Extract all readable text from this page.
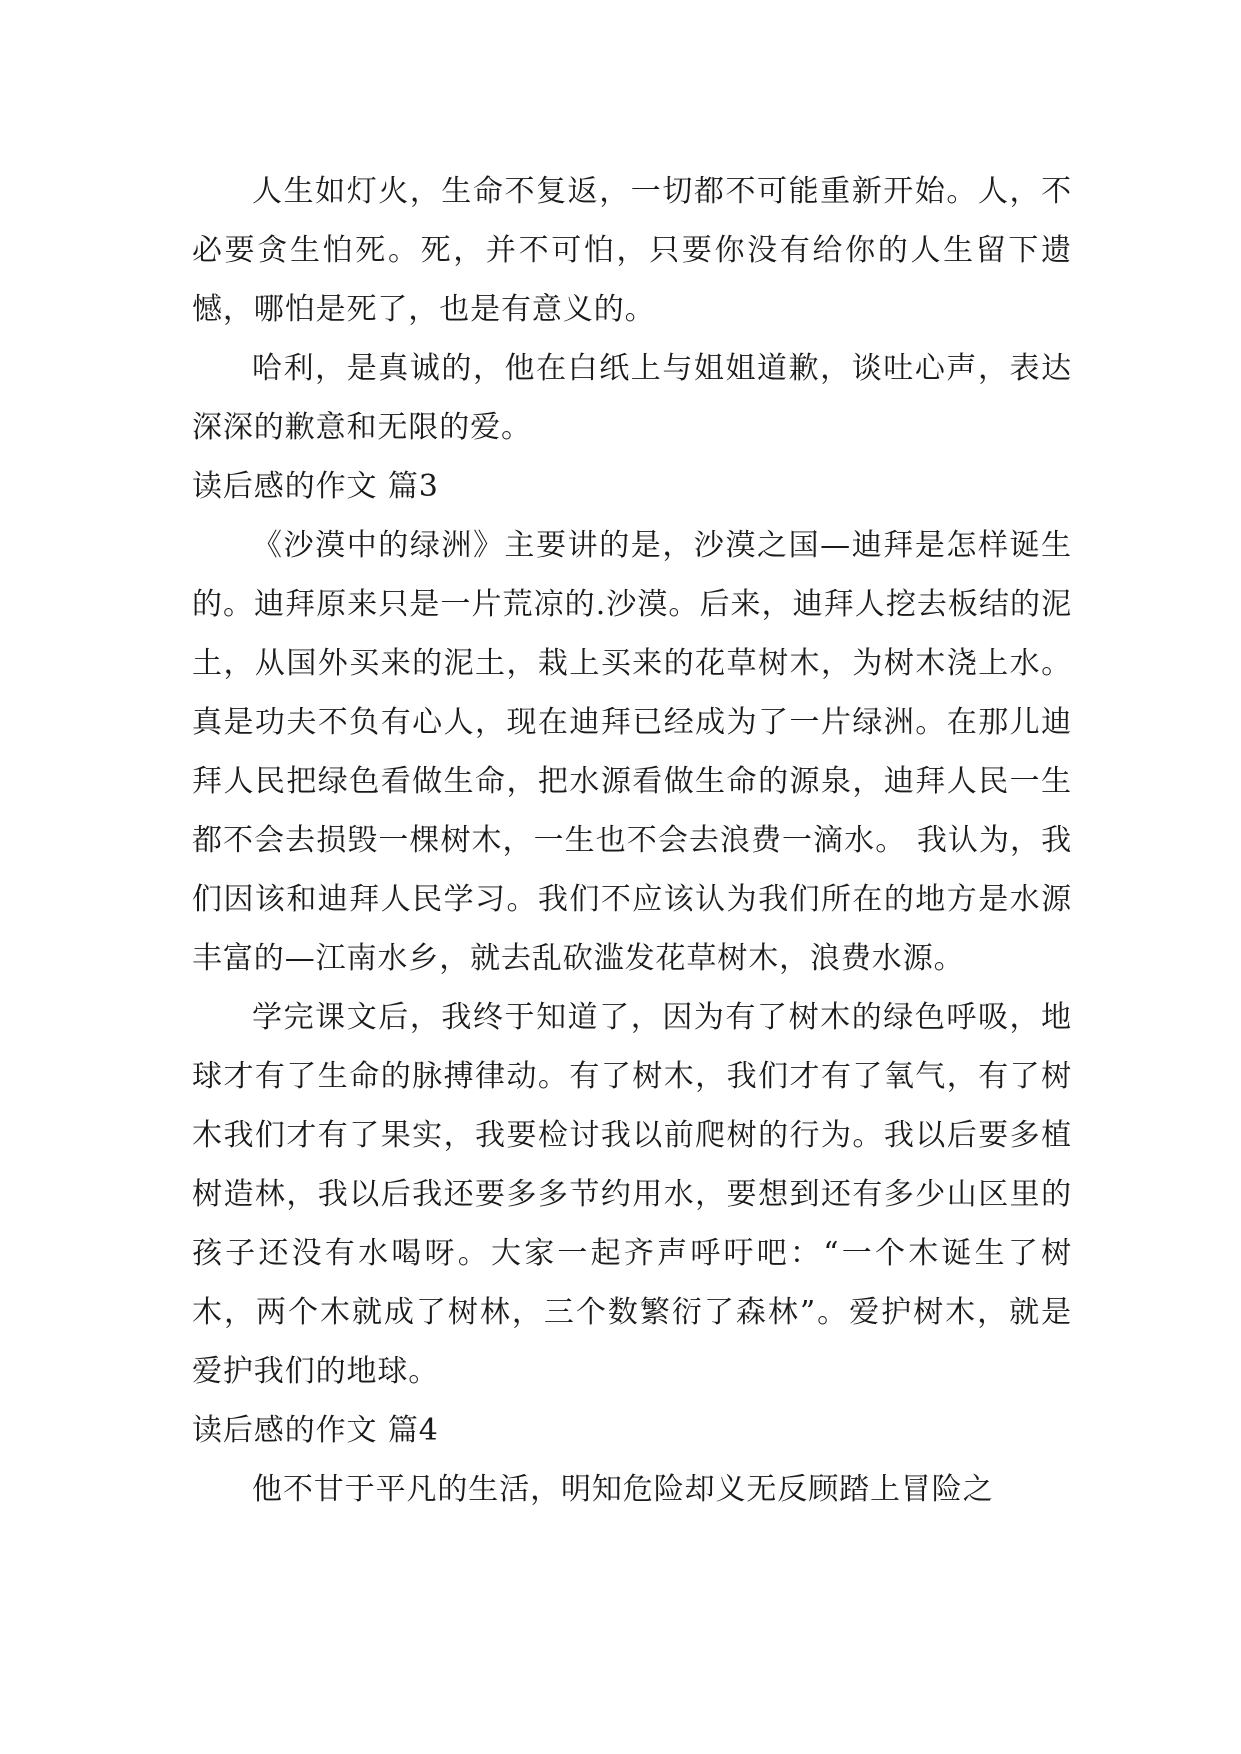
人生如灯火，生命不复返，一切都不可能重新开始。人，不必要贪生怕死。死，并不可怕，只要你没有给你的人生留下遗憾，哪怕是死了，也是有意义的。

哈利，是真诚的，他在白纸上与姐姐道歉，谈吐心声，表达深深的歉意和无限的爱。

读后感的作文 篇3

《沙漠中的绿洲》主要讲的是，沙漠之国—迪拜是怎样诞生的。迪拜原来只是一片荒凉的.沙漠。后来，迪拜人挖去板结的泥土，从国外买来的泥土，栽上买来的花草树木，为树木浇上水。真是功夫不负有心人，现在迪拜已经成为了一片绿洲。在那儿迪拜人民把绿色看做生命，把水源看做生命的源泉，迪拜人民一生都不会去损毁一棵树木，一生也不会去浪费一滴水。 我认为，我们因该和迪拜人民学习。我们不应该认为我们所在的地方是水源丰富的—江南水乡，就去乱砍滥发花草树木，浪费水源。

学完课文后，我终于知道了，因为有了树木的绿色呼吸，地球才有了生命的脉搏律动。有了树木，我们才有了氧气，有了树木我们才有了果实，我要检讨我以前爬树的行为。我以后要多植树造林，我以后我还要多多节约用水，要想到还有多少山区里的孩子还没有水喝呀。大家一起齐声呼吁吧：“一个木诞生了树木，两个木就成了树林，三个数繁衍了森林”。爱护树木，就是爱护我们的地球。

读后感的作文 篇4

他不甘于平凡的生活，明知危险却义无反顾踏上冒险之
